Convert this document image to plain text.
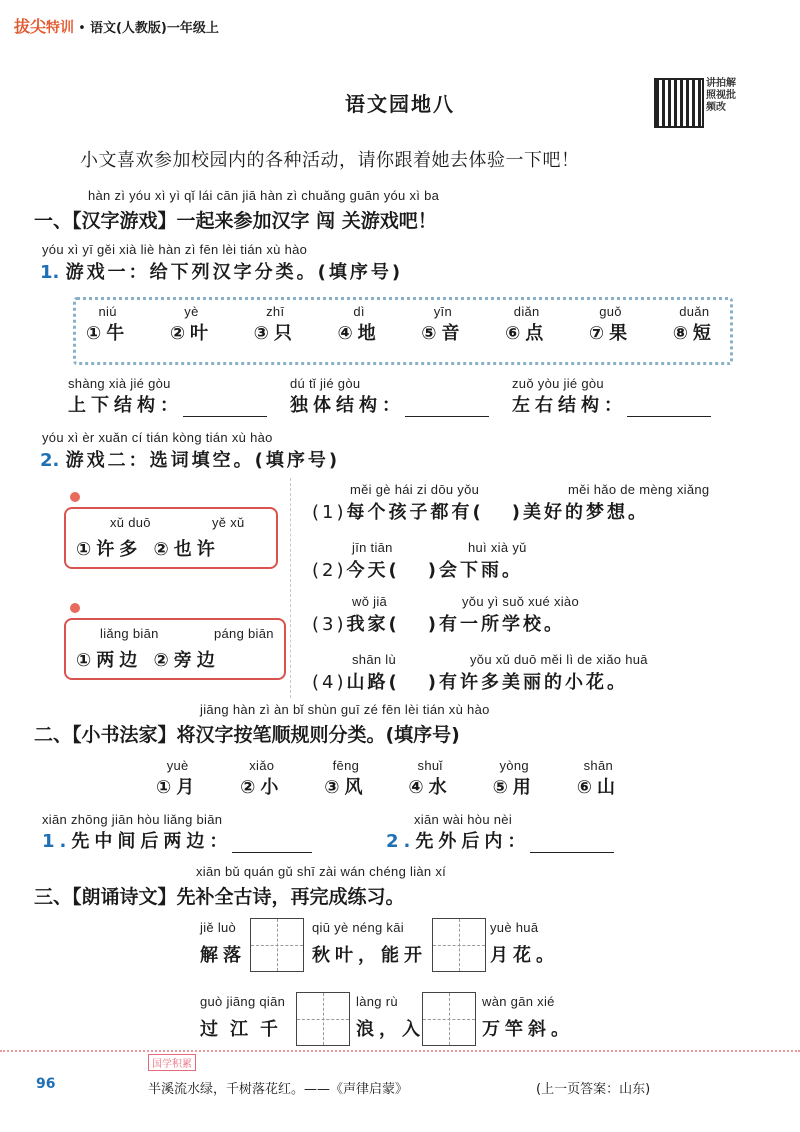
拔尖特训 • 语文(人教版)一年级上
语文园地八
讲拍解照视批频改
小文喜欢参加校园内的各种活动，请你跟着她去体验一下吧！
hàn zì yóu xì yì qǐ lái cān jiā hàn zì chuǎng guān yóu xì ba
一、【汉字游戏】一起来参加汉字 闯 关游戏吧！
yóu xì yī gěi xià liè hàn zì fēn lèi tián xù hào
1. 游戏一：给下列汉字分类。(填序号)
niú
①牛
yè
②叶
zhī
③只
dì
④地
yīn
⑤音
diǎn
⑥点
guǒ
⑦果
duǎn
⑧短
shàng xià jié gòu
上下结构：
dú tǐ jié gòu
独体结构：
zuǒ yòu jié gòu
左右结构：
yóu xì èr xuǎn cí tián kòng tián xù hào
2. 游戏二：选词填空。(填序号)
xǔ duō	yě xǔ
①许多 ②也许
liǎng biān	páng biān
①两边 ②旁边
měi gè hái zi dōu yǒu	měi hǎo de mèng xiǎng
(1)每个孩子都有( )美好的梦想。
jīn tiān	huì xià yǔ
(2)今天( )会下雨。
wǒ jiā	yǒu yì suǒ xué xiào
(3)我家( )有一所学校。
shān lù	yǒu xǔ duō měi lì de xiǎo huā
(4)山路( )有许多美丽的小花。
jiāng hàn zì àn bǐ shùn guī zé fēn lèi tián xù hào
二、【小书法家】将汉字按笔顺规则分类。(填序号)
yuè
①月
xiǎo
②小
fēng
③风
shuǐ
④水
yòng
⑤用
shān
⑥山
xiān zhōng jiān hòu liǎng biān
1.先中间后两边：
xiān wài hòu nèi
2.先外后内：
xiān bǔ quán gǔ shī zài wán chéng liàn xí
三、【朗诵诗文】先补全古诗，再完成练习。
jiě luò
解落
qiū yè néng kāi
秋叶，能开
yuè huā
月花。
guò jiāng qiān
过江千
làng rù
浪，入
wàn gān xié
万竿斜。
国学积累
96	半溪流水绿，千树落花红。——《声律启蒙》	(上一页答案：山东)
